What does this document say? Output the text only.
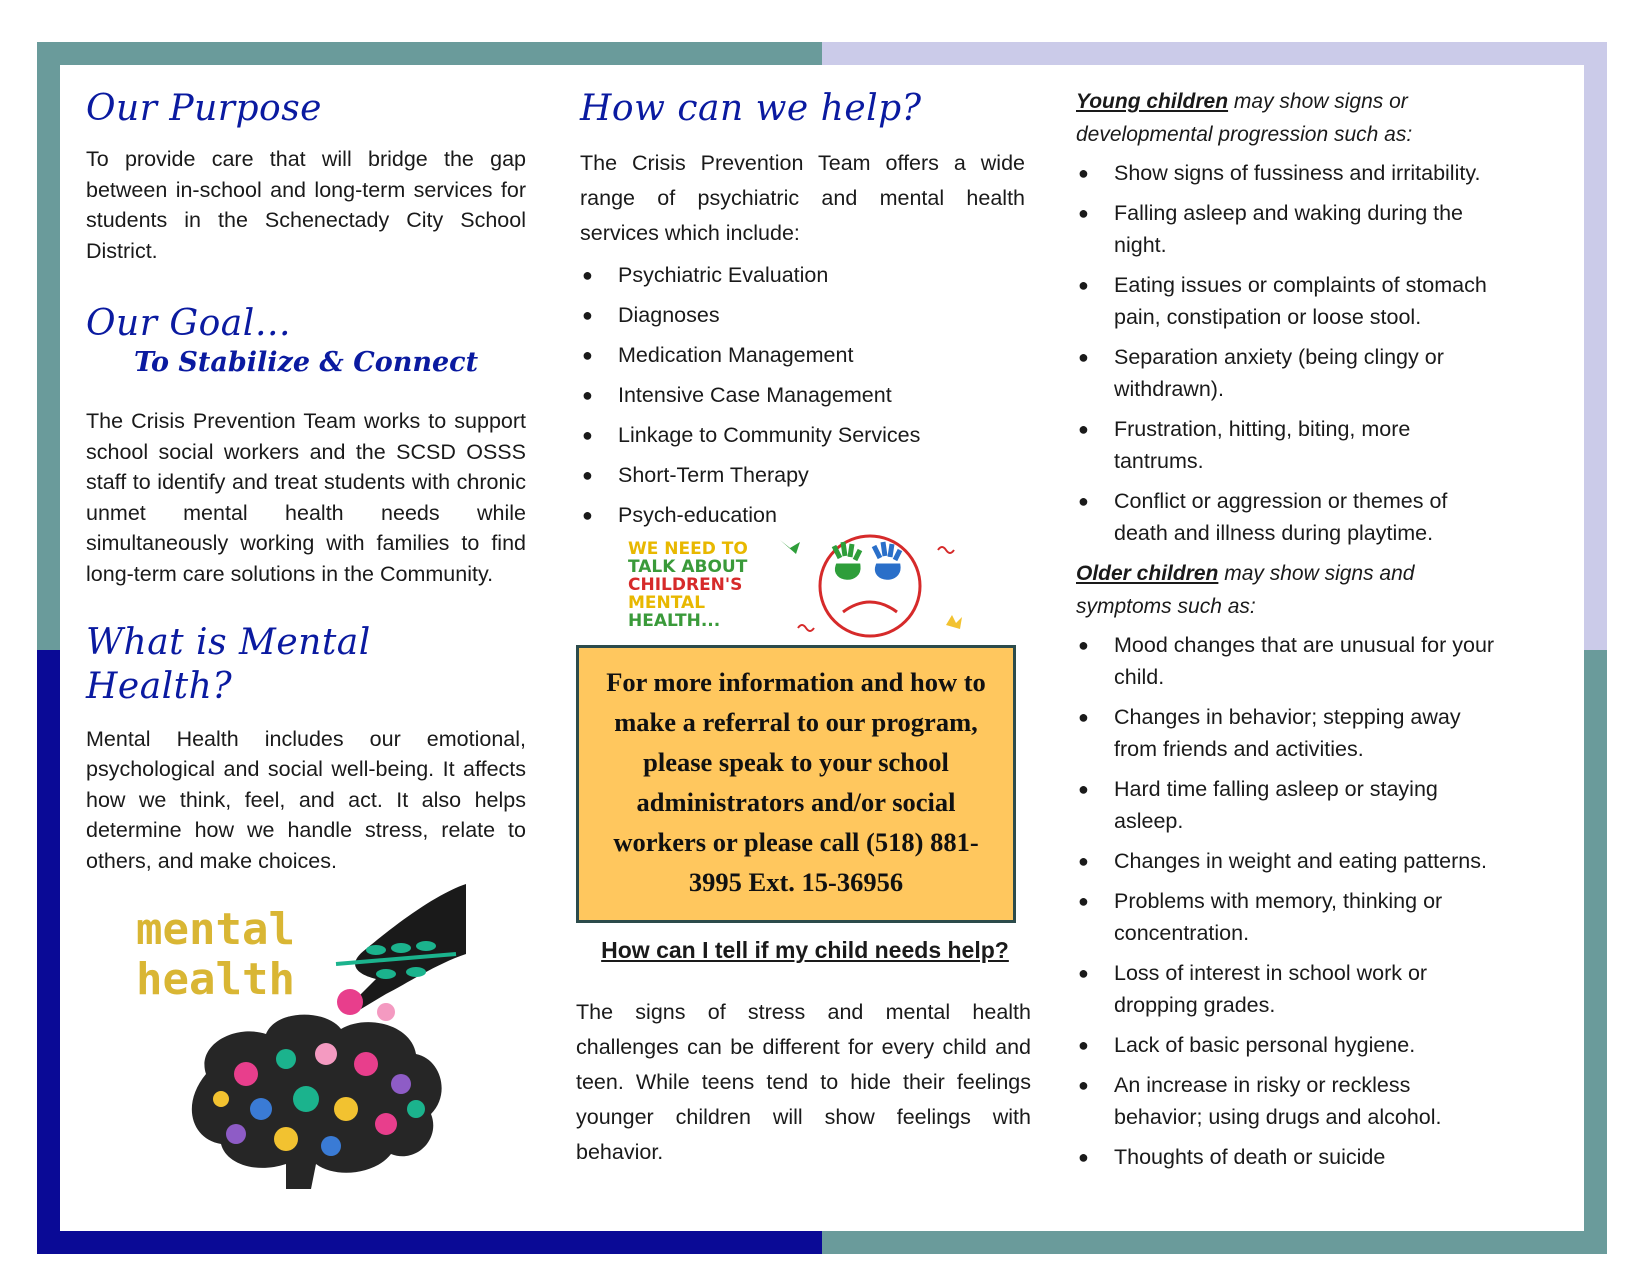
Our Purpose

To provide care that will bridge the gap between in-school and long-term services for students in the Schenectady City School District.

Our Goal…
To Stabilize & Connect

The Crisis Prevention Team works to support school social workers and the SCSD OSSS staff to identify and treat students with chronic unmet mental health needs while simultaneously working with families to find long-term care solutions in the Community.

What is Mental Health?

Mental Health includes our emotional, psychological and social well-being. It affects how we think, feel, and act. It also helps determine how we handle stress, relate to others, and make choices.

mental
health
How can we help?

The Crisis Prevention Team offers a wide range of psychiatric and mental health services which include:

● Psychiatric Evaluation
● Diagnoses
● Medication Management
● Intensive Case Management
● Linkage to Community Services
● Short-Term Therapy
● Psych-education
WE NEED TO
TALK ABOUT
CHILDREN'S
MENTAL
HEALTH...
For more information and how to make a referral to our program, please speak to your school administrators and/or social workers or please call (518) 881-3995 Ext. 15-36956
How can I tell if my child needs help?

The signs of stress and mental health challenges can be different for every child and teen. While teens tend to hide their feelings younger children will show feelings with behavior.

Young children may show signs or developmental progression such as:

● Show signs of fussiness and irritability.
● Falling asleep and waking during the night.
● Eating issues or complaints of stomach pain, constipation or loose stool.
● Separation anxiety (being clingy or withdrawn).
● Frustration, hitting, biting, more tantrums.
● Conflict or aggression or themes of death and illness during playtime.

Older children may show signs and symptoms such as:

● Mood changes that are unusual for your child.
● Changes in behavior; stepping away from friends and activities.
● Hard time falling asleep or staying asleep.
● Changes in weight and eating patterns.
● Problems with memory, thinking or concentration.
● Loss of interest in school work or dropping grades.
● Lack of basic personal hygiene.
● An increase in risky or reckless behavior; using drugs and alcohol.
● Thoughts of death or suicide
